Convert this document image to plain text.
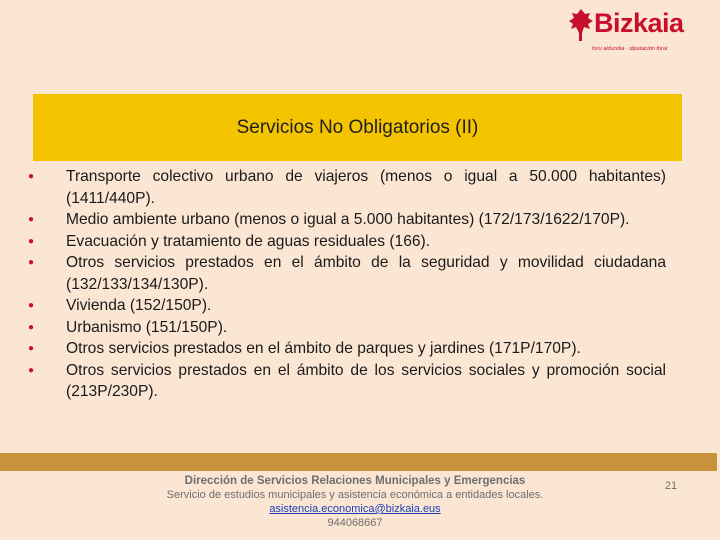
Bizkaia
foru aldundia · diputación foral
Servicios No Obligatorios (II)
● Transporte colectivo urbano de viajeros (menos o igual a 50.000 habitantes) (1411/440P).
● Medio ambiente urbano (menos o igual a 5.000 habitantes) (172/173/1622/170P).
● Evacuación y tratamiento de aguas residuales (166).
● Otros servicios prestados en el ámbito de la seguridad y movilidad ciudadana (132/133/134/130P).
● Vivienda (152/150P).
● Urbanismo (151/150P).
● Otros servicios prestados en el ámbito de parques y jardines (171P/170P).
● Otros servicios prestados en el ámbito de los servicios sociales y promoción social (213P/230P).
Dirección de Servicios Relaciones Municipales y Emergencias
Servicio de estudios municipales y asistencia económica a entidades locales.
asistencia.economica@bizkaia.eus
944068667
21
